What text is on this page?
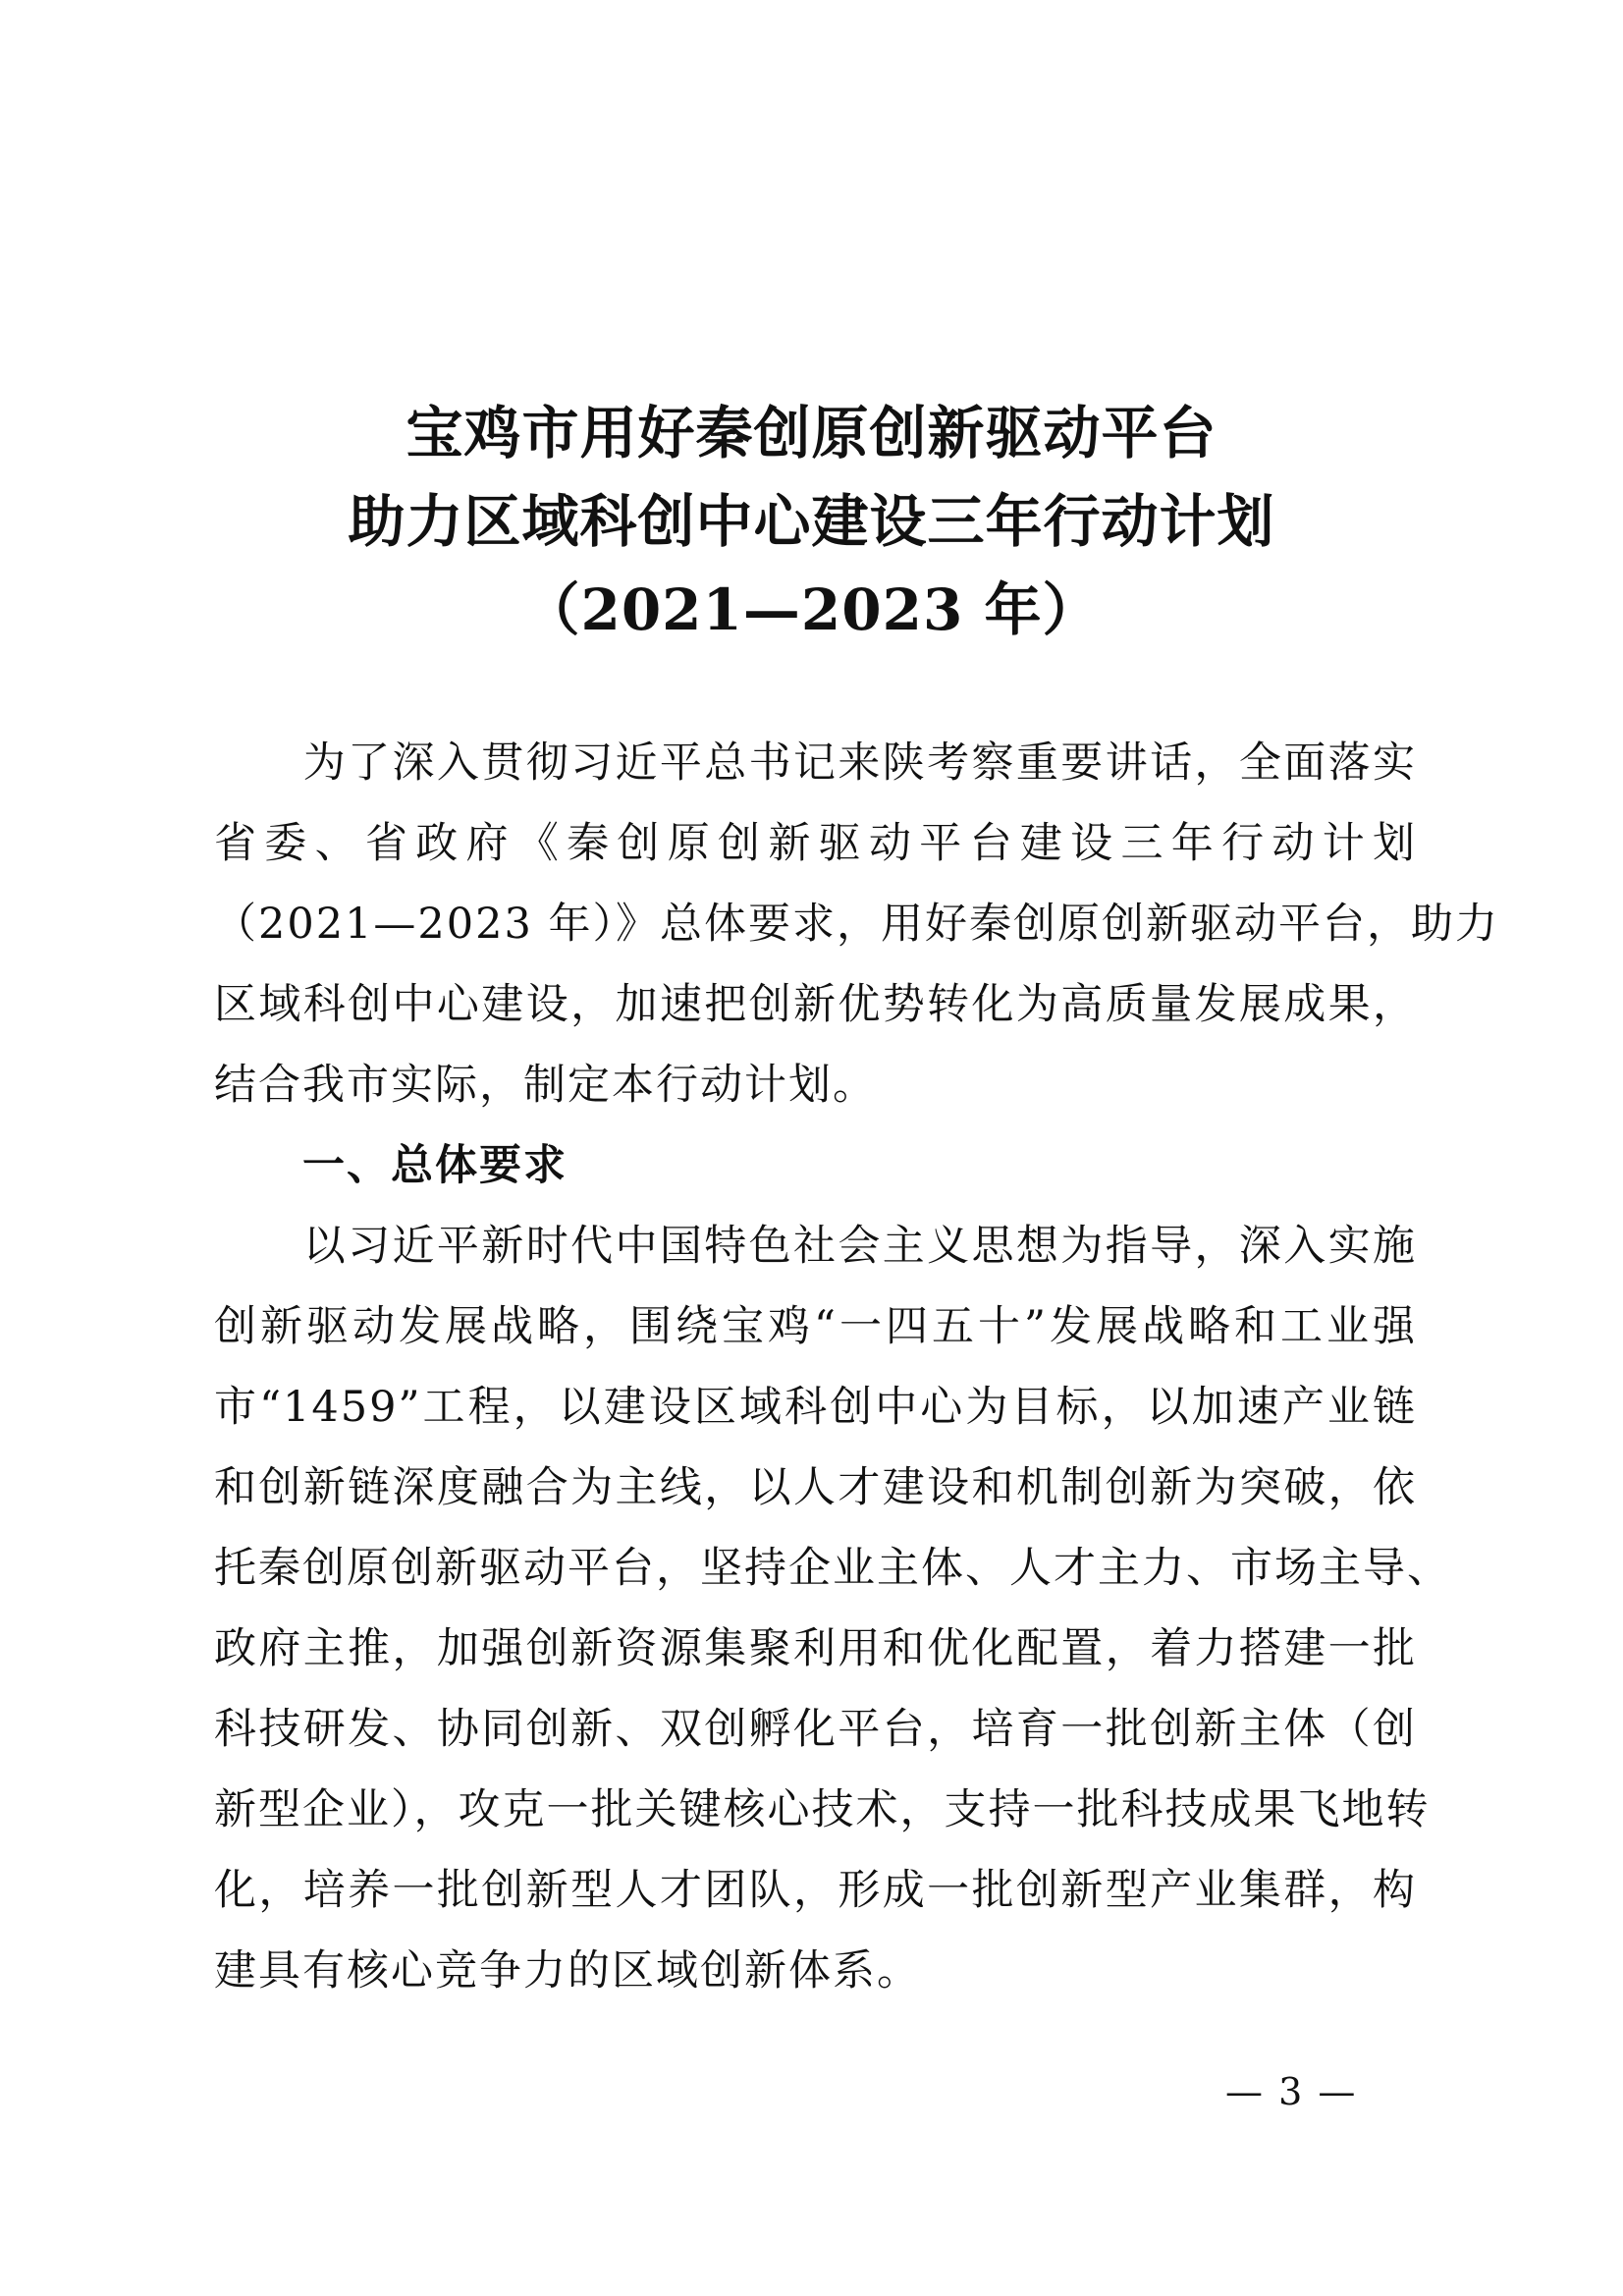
宝鸡市用好秦创原创新驱动平台
助力区域科创中心建设三年行动计划
（2021—2023 年）
　　为了深入贯彻习近平总书记来陕考察重要讲话，全面落实
省委、省政府《秦创原创新驱动平台建设三年行动计划
（2021—2023 年）》总体要求，用好秦创原创新驱动平台，助力
区域科创中心建设，加速把创新优势转化为高质量发展成果，
结合我市实际，制定本行动计划。
一、总体要求
　　以习近平新时代中国特色社会主义思想为指导，深入实施
创新驱动发展战略，围绕宝鸡“一四五十”发展战略和工业强
市“1459”工程，以建设区域科创中心为目标，以加速产业链
和创新链深度融合为主线，以人才建设和机制创新为突破，依
托秦创原创新驱动平台，坚持企业主体、人才主力、市场主导、
政府主推，加强创新资源集聚利用和优化配置，着力搭建一批
科技研发、协同创新、双创孵化平台，培育一批创新主体（创
新型企业），攻克一批关键核心技术，支持一批科技成果飞地转
化，培养一批创新型人才团队，形成一批创新型产业集群，构
建具有核心竞争力的区域创新体系。
— 3 —
